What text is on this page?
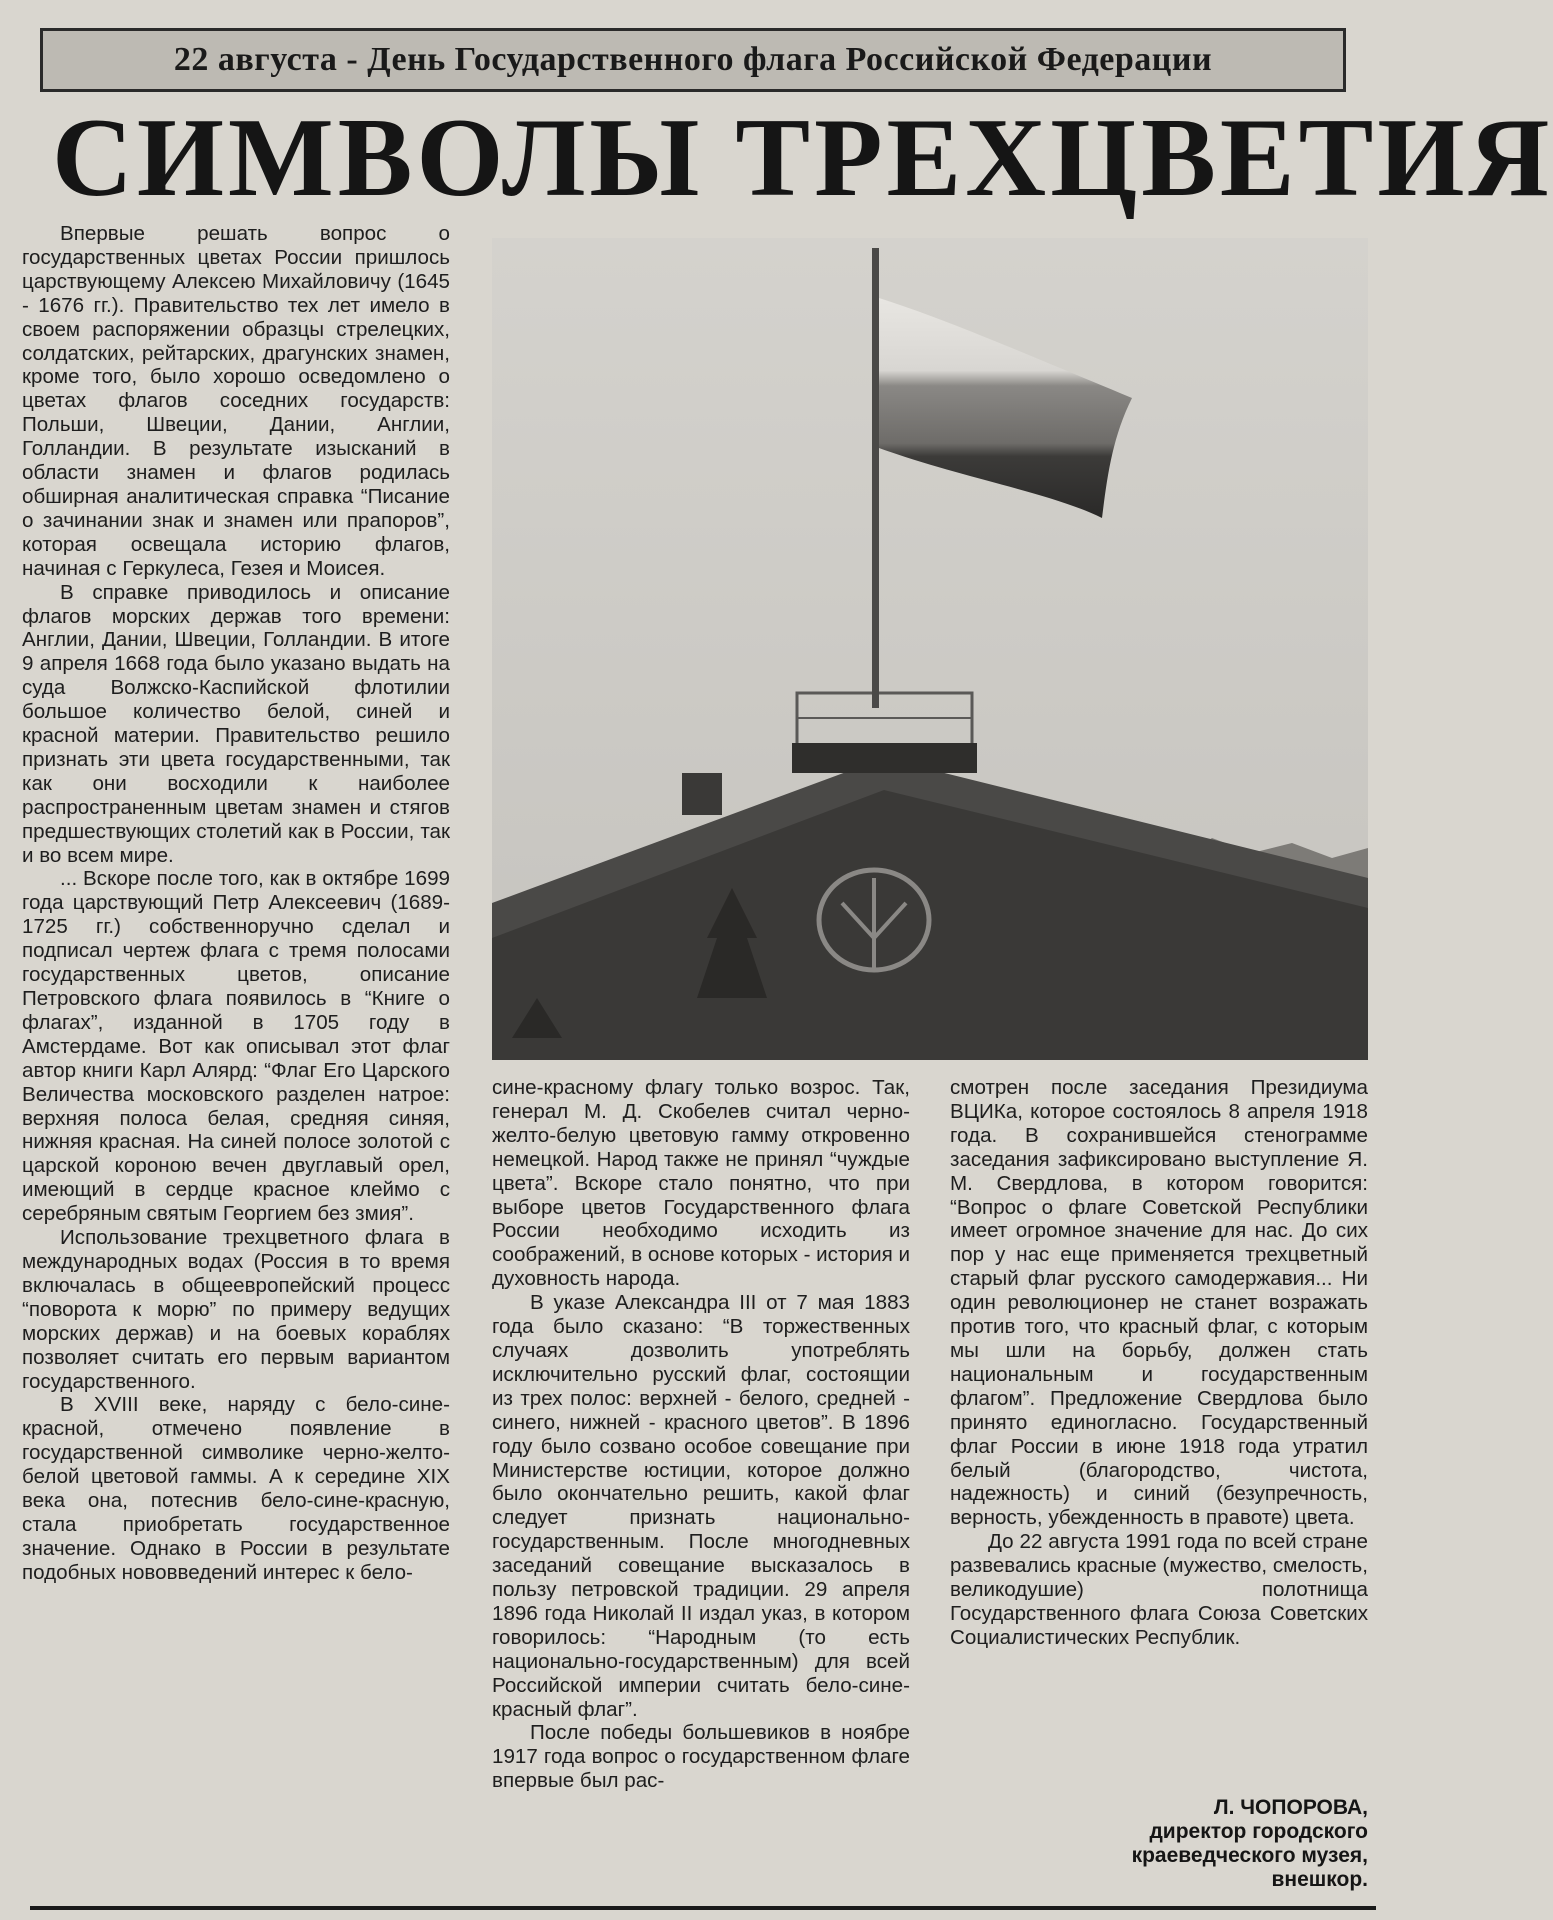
22 августа - День Государственного флага Российской Федерации
СИМВОЛЫ ТРЕХЦВЕТИЯ

Впервые решать вопрос о государственных цветах России пришлось царствующему Алексею Михайловичу (1645 - 1676 гг.). Правительство тех лет имело в своем распоряжении образцы стрелецких, солдатских, рейтарских, драгунских знамен, кроме того, было хорошо осведомлено о цветах флагов соседних государств: Польши, Швеции, Дании, Англии, Голландии. В результате изысканий в области знамен и флагов родилась обширная аналитическая справка “Писание о зачинании знак и знамен или прапоров”, которая освещала историю флагов, начиная с Геркулеса, Гезея и Моисея.

В справке приводилось и описание флагов морских держав того времени: Англии, Дании, Швеции, Голландии. В итоге 9 апреля 1668 года было указано выдать на суда Волжско-Каспийской флотилии большое количество белой, синей и красной материи. Правительство решило признать эти цвета государственными, так как они восходили к наиболее распространенным цветам знамен и стягов предшествующих столетий как в России, так и во всем мире.

... Вскоре после того, как в октябре 1699 года царствующий Петр Алексеевич (1689-1725 гг.) собственноручно сделал и подписал чертеж флага с тремя полосами государственных цветов, описание Петровского флага появилось в “Книге о флагах”, изданной в 1705 году в Амстердаме. Вот как описывал этот флаг автор книги Карл Алярд: “Флаг Его Царского Величества московского разделен натрое: верхняя полоса белая, средняя синяя, нижняя красная. На синей полосе золотой с царской короною вечен двуглавый орел, имеющий в сердце красное клеймо с серебряным святым Георгием без змия”.

Использование трехцветного флага в международных водах (Россия в то время включалась в общеевропейский процесс “поворота к морю” по примеру ведущих морских держав) и на боевых кораблях позволяет считать его первым вариантом государственного.

В XVIII веке, наряду с бело-сине-красной, отмечено появление в государственной символике черно-желто-белой цветовой гаммы. А к середине XIX века она, потеснив бело-сине-красную, стала приобретать государственное значение. Однако в России в результате подобных нововведений интерес к бело-

сине-красному флагу только возрос. Так, генерал М. Д. Скобелев считал черно-желто-белую цветовую гамму откровенно немецкой. Народ также не принял “чуждые цвета”. Вскоре стало понятно, что при выборе цветов Государственного флага России необходимо исходить из соображений, в основе которых - история и духовность народа.

В указе Александра III от 7 мая 1883 года было сказано: “В торжественных случаях дозволить употреблять исключительно русский флаг, состоящии из трех полос: верхней - белого, средней - синего, нижней - красного цветов”. В 1896 году было созвано особое совещание при Министерстве юстиции, которое должно было окончательно решить, какой флаг следует признать национально-государственным. После многодневных заседаний совещание высказалось в пользу петровской традиции. 29 апреля 1896 года Николай II издал указ, в котором говорилось: “Народным (то есть национально-государственным) для всей Российской империи считать бело-сине-красный флаг”.

После победы большевиков в ноябре 1917 года вопрос о государственном флаге впервые был рас-

смотрен после заседания Президиума ВЦИКа, которое состоялось 8 апреля 1918 года. В сохранившейся стенограмме заседания зафиксировано выступление Я. М. Свердлова, в котором говорится: “Вопрос о флаге Советской Республики имеет огромное значение для нас. До сих пор у нас еще применяется трехцветный старый флаг русского самодержавия... Ни один революционер не станет возражать против того, что красный флаг, с которым мы шли на борьбу, должен стать национальным и государственным флагом”. Предложение Свердлова было принято единогласно. Государственный флаг России в июне 1918 года утратил белый (благородство, чистота, надежность) и синий (безупречность, верность, убежденность в правоте) цвета.

До 22 августа 1991 года по всей стране развевались красные (мужество, смелость, великодушие) полотнища Государственного флага Союза Советских Социалистических Республик.

Л. ЧОПОРОВА,
директор городского
краеведческого музея,
внешкор.
